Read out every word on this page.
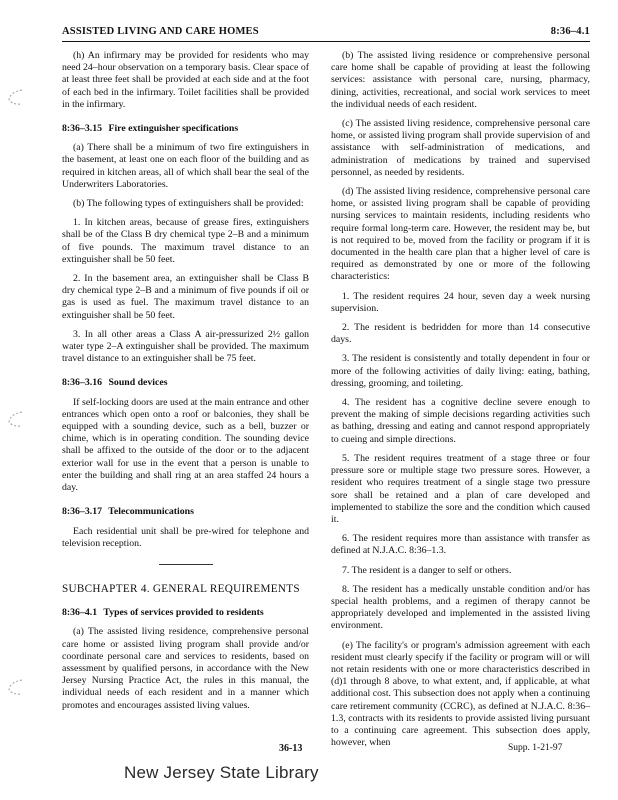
ASSISTED LIVING AND CARE HOMES	8:36–4.1

(h) An infirmary may be provided for residents who may need 24–hour observation on a temporary basis. Clear space of at least three feet shall be provided at each side and at the foot of each bed in the infirmary. Toilet facilities shall be provided in the infirmary.

8:36–3.15 Fire extinguisher specifications

(a) There shall be a minimum of two fire extinguishers in the basement, at least one on each floor of the building and as required in kitchen areas, all of which shall bear the seal of the Underwriters Laboratories.

(b) The following types of extinguishers shall be provided:

1. In kitchen areas, because of grease fires, extinguishers shall be of the Class B dry chemical type 2–B and a minimum of five pounds. The maximum travel distance to an extinguisher shall be 50 feet.

2. In the basement area, an extinguisher shall be Class B dry chemical type 2–B and a minimum of five pounds if oil or gas is used as fuel. The maximum travel distance to an extinguisher shall be 50 feet.

3. In all other areas a Class A air-pressurized 2½ gallon water type 2–A extinguisher shall be provided. The maximum travel distance to an extinguisher shall be 75 feet.

8:36–3.16 Sound devices

If self-locking doors are used at the main entrance and other entrances which open onto a roof or balconies, they shall be equipped with a sounding device, such as a bell, buzzer or chime, which is in operating condition. The sounding device shall be affixed to the outside of the door or to the adjacent exterior wall for use in the event that a person is unable to enter the building and shall ring at an area staffed 24 hours a day.

8:36–3.17 Telecommunications

Each residential unit shall be pre-wired for telephone and television reception.

SUBCHAPTER 4. GENERAL REQUIREMENTS
8:36–4.1 Types of services provided to residents

(a) The assisted living residence, comprehensive personal care home or assisted living program shall provide and/or coordinate personal care and services to residents, based on assessment by qualified persons, in accordance with the New Jersey Nursing Practice Act, the rules in this manual, the individual needs of each resident and in a manner which promotes and encourages assisted living values.

(b) The assisted living residence or comprehensive personal care home shall be capable of providing at least the following services: assistance with personal care, nursing, pharmacy, dining, activities, recreational, and social work services to meet the individual needs of each resident.

(c) The assisted living residence, comprehensive personal care home, or assisted living program shall provide supervision of and assistance with self-administration of medications, and administration of medications by trained and supervised personnel, as needed by residents.

(d) The assisted living residence, comprehensive personal care home, or assisted living program shall be capable of providing nursing services to maintain residents, including residents who require formal long-term care. However, the resident may be, but is not required to be, moved from the facility or program if it is documented in the health care plan that a higher level of care is required as demonstrated by one or more of the following characteristics:

1. The resident requires 24 hour, seven day a week nursing supervision.

2. The resident is bedridden for more than 14 consecutive days.

3. The resident is consistently and totally dependent in four or more of the following activities of daily living: eating, bathing, dressing, grooming, and toileting.

4. The resident has a cognitive decline severe enough to prevent the making of simple decisions regarding activities such as bathing, dressing and eating and cannot respond appropriately to cueing and simple directions.

5. The resident requires treatment of a stage three or four pressure sore or multiple stage two pressure sores. However, a resident who requires treatment of a single stage two pressure sore shall be retained and a plan of care developed and implemented to stabilize the sore and the condition which caused it.

6. The resident requires more than assistance with transfer as defined at N.J.A.C. 8:36–1.3.

7. The resident is a danger to self or others.

8. The resident has a medically unstable condition and/or has special health problems, and a regimen of therapy cannot be appropriately developed and implemented in the assisted living environment.

(e) The facility's or program's admission agreement with each resident must clearly specify if the facility or program will or will not retain residents with one or more characteristics described in (d)1 through 8 above, to what extent, and, if applicable, at what additional cost. This subsection does not apply when a continuing care retirement community (CCRC), as defined at N.J.A.C. 8:36–1.3, contracts with its residents to provide assisted living pursuant to a continuing care agreement. This subsection does apply, however, when

36-13	Supp. 1-21-97
New Jersey State Library
